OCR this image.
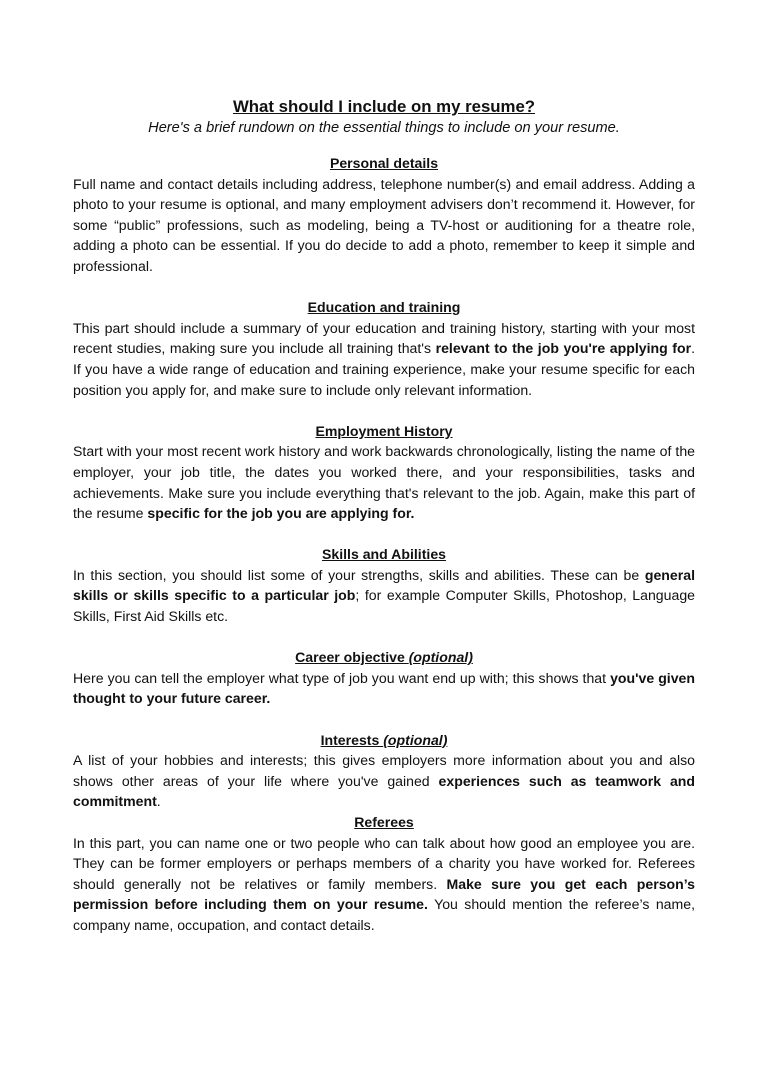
What should I include on my resume?

Here's a brief rundown on the essential things to include on your resume.

Personal details

Full name and contact details including address, telephone number(s) and email address. Adding a photo to your resume is optional, and many employment advisers don’t recommend it. However, for some “public” professions, such as modeling, being a TV-host or auditioning for a theatre role, adding a photo can be essential. If you do decide to add a photo, remember to keep it simple and professional.

Education and training

This part should include a summary of your education and training history, starting with your most recent studies, making sure you include all training that's relevant to the job you're applying for. If you have a wide range of education and training experience, make your resume specific for each position you apply for, and make sure to include only relevant information.

Employment History

Start with your most recent work history and work backwards chronologically, listing the name of the employer, your job title, the dates you worked there, and your responsibilities, tasks and achievements. Make sure you include everything that's relevant to the job. Again, make this part of the resume specific for the job you are applying for.

Skills and Abilities

In this section, you should list some of your strengths, skills and abilities. These can be general skills or skills specific to a particular job; for example Computer Skills, Photoshop, Language Skills, First Aid Skills etc.

Career objective (optional)

Here you can tell the employer what type of job you want end up with; this shows that you've given thought to your future career.

Interests (optional)

A list of your hobbies and interests; this gives employers more information about you and also shows other areas of your life where you've gained experiences such as teamwork and commitment.

Referees

In this part, you can name one or two people who can talk about how good an employee you are. They can be former employers or perhaps members of a charity you have worked for. Referees should generally not be relatives or family members. Make sure you get each person’s permission before including them on your resume. You should mention the referee’s name, company name, occupation, and contact details.
